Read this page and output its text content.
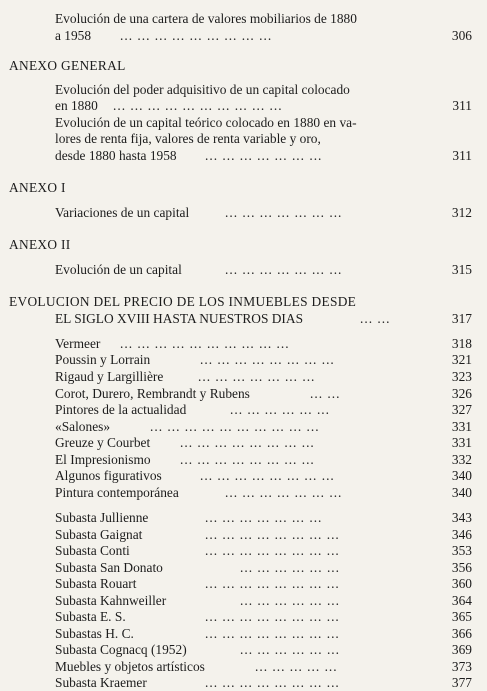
Evolución de una cartera de valores mobiliarios de 1880
a 1958 ... ... ... ... ... ... ... ... ...	306
ANEXO GENERAL
Evolución del poder adquisitivo de un capital colocado
en 1880 ... ... ... ... ... ... ... ... ... ...	311
Evolución de un capital teórico colocado en 1880 en va-
lores de renta fija, valores de renta variable y oro,
desde 1880 hasta 1958 ... ... ... ... ... ... ...	311
ANEXO I
Variaciones de un capital	... ... ... ... ... ... ...	312
ANEXO II
Evolución de un capital	... ... ... ... ... ... ...	315
EVOLUCION DEL PRECIO DE LOS INMUEBLES DESDE
EL SIGLO XVIII HASTA NUESTROS DIAS	... ...	317
Vermeer ... ... ... ... ... ... ... ... ... ...	318
Poussin y Lorrain	... ... ... ... ... ... ... ...	321
Rigaud y Largillière	... ... ... ... ... ... ...	323
Corot, Durero, Rembrandt y Rubens	... ...	326
Pintores de la actualidad	... ... ... ... ... ...	327
«Salones»	... ... ... ... ... ... ... ... ... ...	331
Greuze y Courbet ... ... ... ... ... ... ... ...	331
El Impresionismo ... ... ... ... ... ... ... ...	332
Algunos figurativos	... ... ... ... ... ... ... ...	340
Pintura contemporánea	... ... ... ... ... ... ...	340
Subasta Jullienne	... ... ... ... ... ... ...	343
Subasta Gaignat	... ... ... ... ... ... ... ...	346
Subasta Conti	... ... ... ... ... ... ... ...	353
Subasta San Donato	... ... ... ... ... ...	356
Subasta Rouart	... ... ... ... ... ... ... ...	360
Subasta Kahnweiller	... ... ... ... ... ...	364
Subasta E. S.	... ... ... ... ... ... ... ...	365
Subastas H. C.	... ... ... ... ... ... ... ...	366
Subasta Cognacq (1952)	... ... ... ... ... ...	369
Muebles y objetos artísticos	... ... ... ... ...	373
Subasta Kraemer	... ... ... ... ... ... ... ...	377
